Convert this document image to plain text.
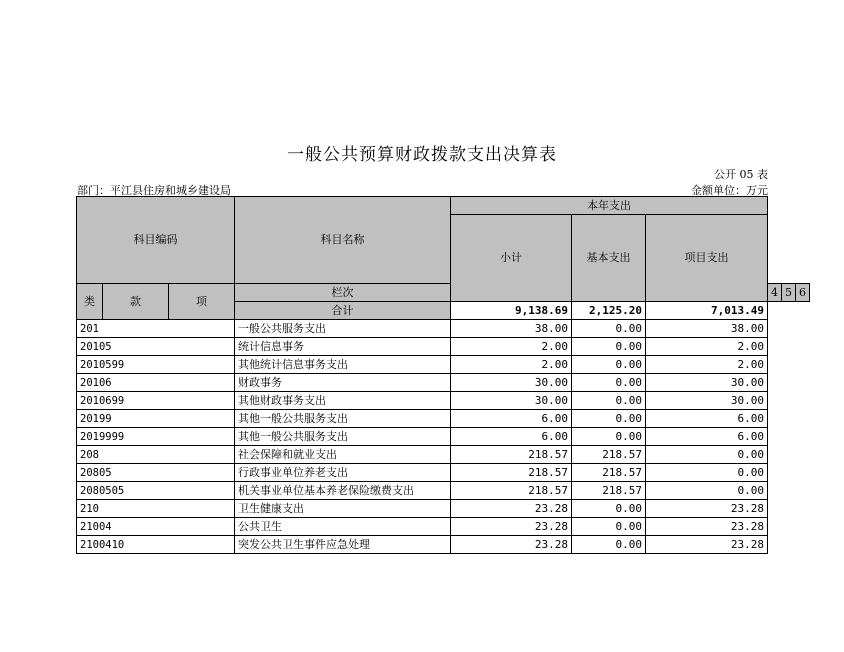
一般公共预算财政拨款支出决算表
公开 05 表
部门：平江县住房和城乡建设局	金额单位：万元
科目编码			科目名称	本年支出					
				小计	基本支出	项目支出			
类	款	项	栏次				4	5	6
			合计	9,138.69	2,125.20	7,013.49			
201			一般公共服务支出	38.00	0.00	38.00			
20105			统计信息事务	2.00	0.00	2.00			
2010599			其他统计信息事务支出	2.00	0.00	2.00			
20106			财政事务	30.00	0.00	30.00			
2010699			其他财政事务支出	30.00	0.00	30.00			
20199			其他一般公共服务支出	6.00	0.00	6.00			
2019999			其他一般公共服务支出	6.00	0.00	6.00			
208			社会保障和就业支出	218.57	218.57	0.00			
20805			行政事业单位养老支出	218.57	218.57	0.00			
2080505			机关事业单位基本养老保险缴费支出	218.57	218.57	0.00			
210			卫生健康支出	23.28	0.00	23.28			
21004			公共卫生	23.28	0.00	23.28			
2100410			突发公共卫生事件应急处理	23.28	0.00	23.28			
